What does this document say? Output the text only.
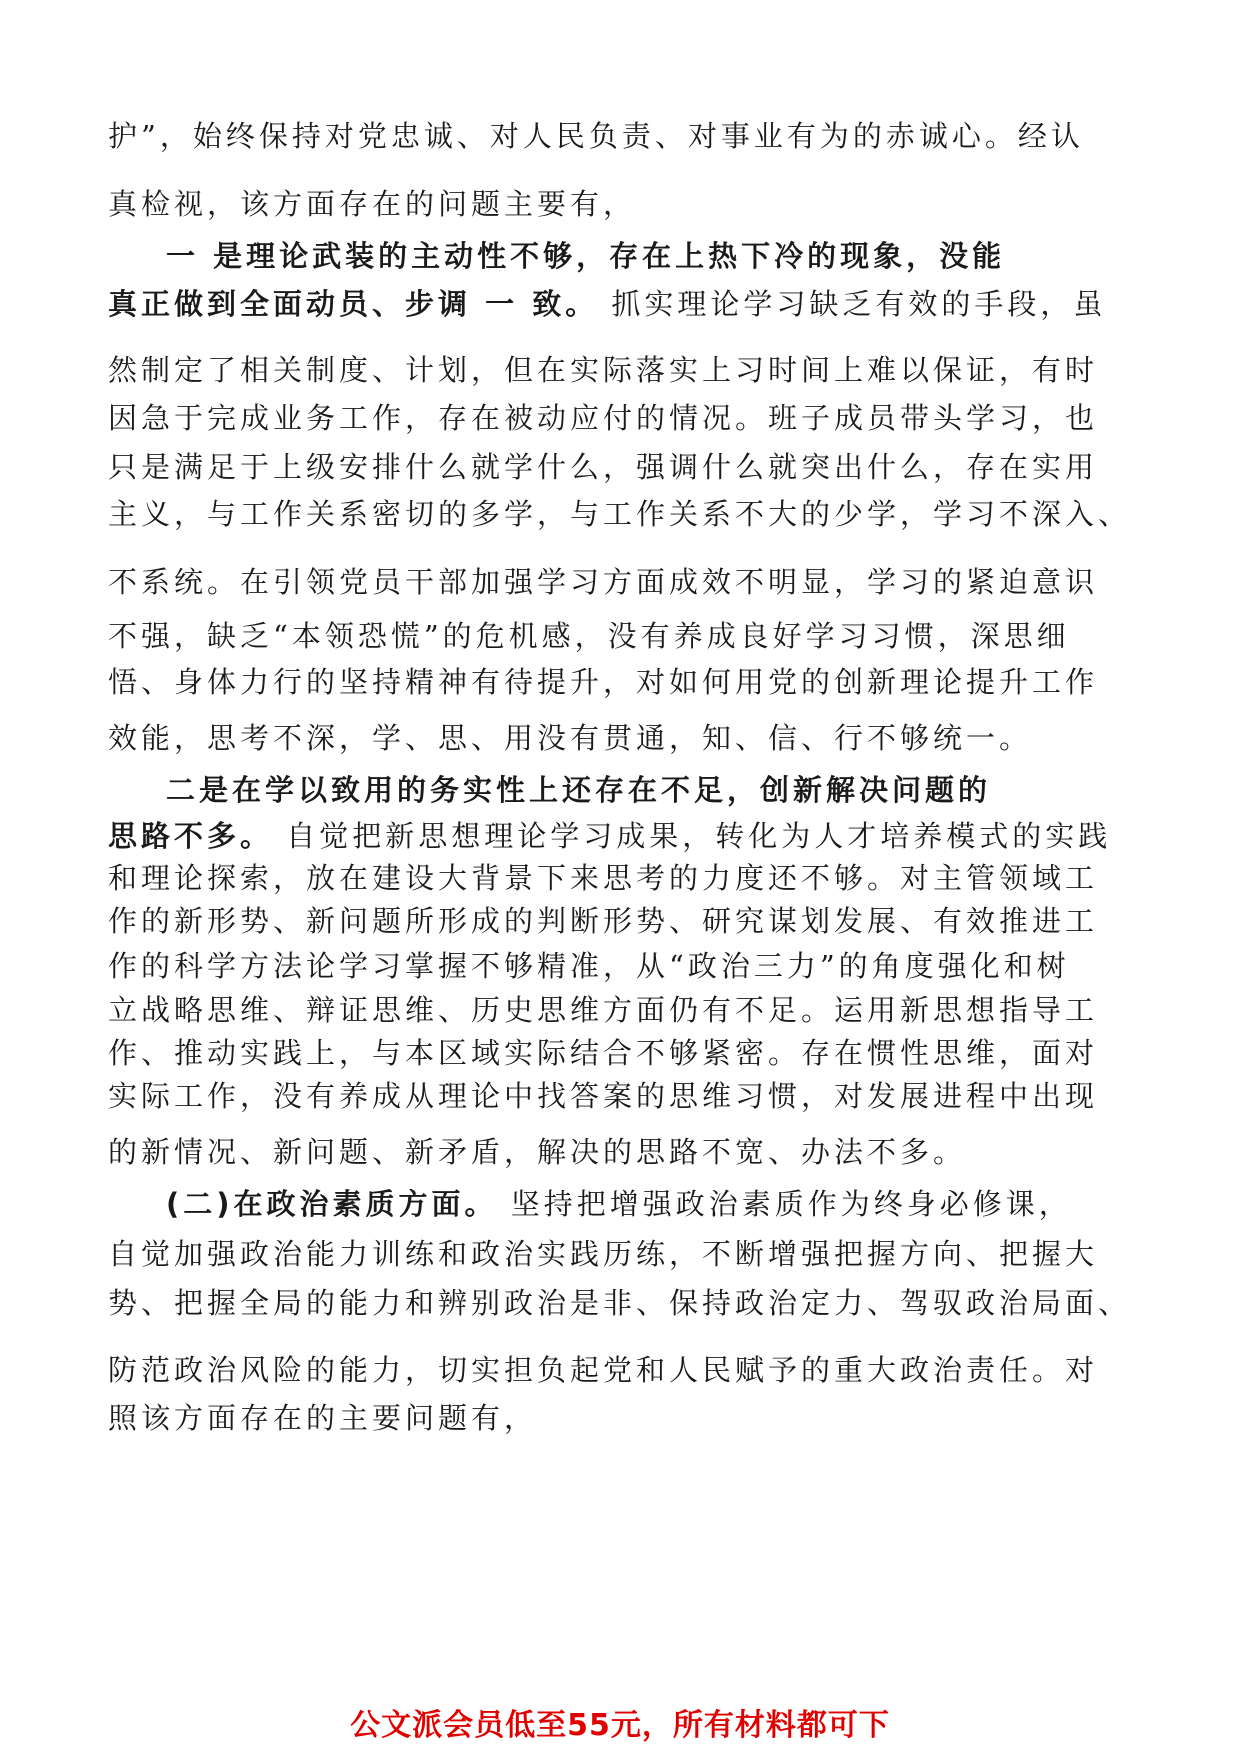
护”，始终保持对党忠诚、对人民负责、对事业有为的赤诚心。经认
真检视，该方面存在的问题主要有，
一 是理论武装的主动性不够，存在上热下冷的现象，没能
真正做到全面动员、步调 一 致。 抓实理论学习缺乏有效的手段，虽
然制定了相关制度、计划，但在实际落实上习时间上难以保证，有时
因急于完成业务工作，存在被动应付的情况。班子成员带头学习，也
只是满足于上级安排什么就学什么，强调什么就突出什么，存在实用
主义，与工作关系密切的多学，与工作关系不大的少学，学习不深入、
不系统。在引领党员干部加强学习方面成效不明显，学习的紧迫意识
不强，缺乏“本领恐慌”的危机感，没有养成良好学习习惯，深思细
悟、身体力行的坚持精神有待提升，对如何用党的创新理论提升工作
效能，思考不深，学、思、用没有贯通，知、信、行不够统一。
二是在学以致用的务实性上还存在不足，创新解决问题的
思路不多。 自觉把新思想理论学习成果，转化为人才培养模式的实践
和理论探索，放在建设大背景下来思考的力度还不够。对主管领域工
作的新形势、新问题所形成的判断形势、研究谋划发展、有效推进工
作的科学方法论学习掌握不够精准，从“政治三力”的角度强化和树
立战略思维、辩证思维、历史思维方面仍有不足。运用新思想指导工
作、推动实践上，与本区域实际结合不够紧密。存在惯性思维，面对
实际工作，没有养成从理论中找答案的思维习惯，对发展进程中出现
的新情况、新问题、新矛盾，解决的思路不宽、办法不多。
(二)在政治素质方面。 坚持把增强政治素质作为终身必修课，
自觉加强政治能力训练和政治实践历练，不断增强把握方向、把握大
势、把握全局的能力和辨别政治是非、保持政治定力、驾驭政治局面、
防范政治风险的能力，切实担负起党和人民赋予的重大政治责任。对
照该方面存在的主要问题有，
公文派会员低至55元，所有材料都可下
